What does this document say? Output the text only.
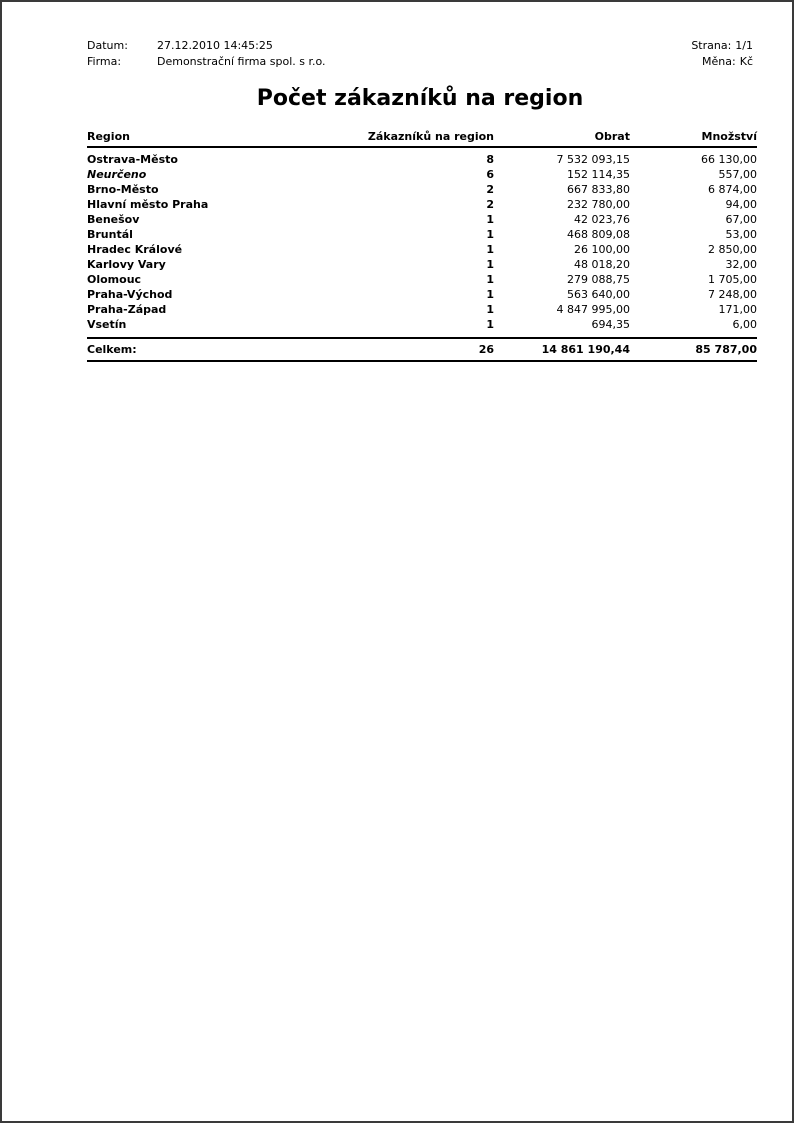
Datum:	27.12.2010 14:45:25
Firma:	Demonstrační firma spol. s r.o.
Strana: 1/1
Měna: Kč
Počet zákazníků na region
Region	Zákazníků na region	Obrat	Množství
Ostrava-Město	8	7 532 093,15	66 130,00
Neurčeno	6	152 114,35	557,00
Brno-Město	2	667 833,80	6 874,00
Hlavní město Praha	2	232 780,00	94,00
Benešov	1	42 023,76	67,00
Bruntál	1	468 809,08	53,00
Hradec Králové	1	26 100,00	2 850,00
Karlovy Vary	1	48 018,20	32,00
Olomouc	1	279 088,75	1 705,00
Praha-Východ	1	563 640,00	7 248,00
Praha-Západ	1	4 847 995,00	171,00
Vsetín	1	694,35	6,00
Celkem:	26	14 861 190,44	85 787,00
